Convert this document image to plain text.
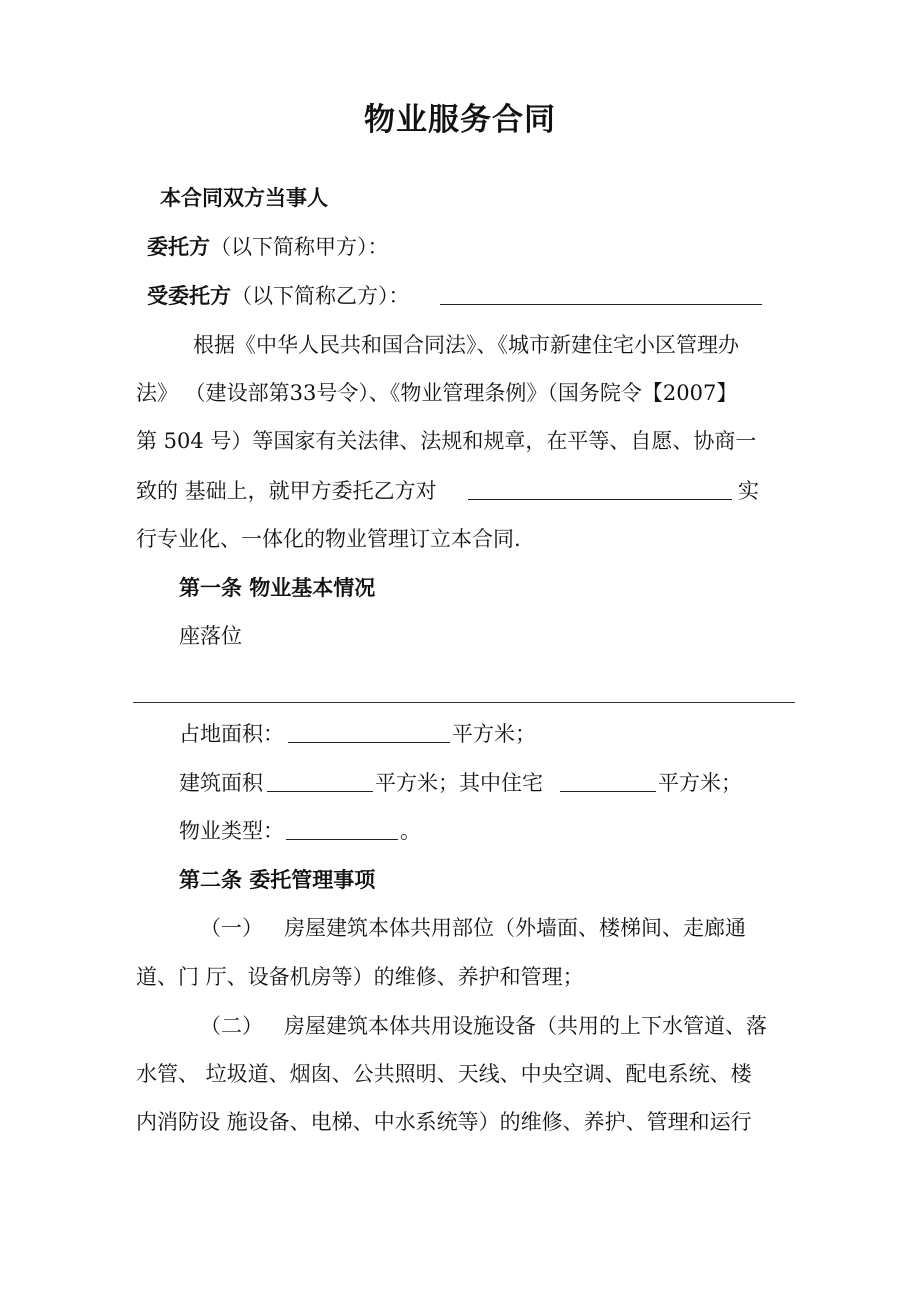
物业服务合同
本合同双方当事人
委托方（以下简称甲方）：
受委托方（以下简称乙方）：
根据《中华人民共和国合同法》、《城市新建住宅小区管理办
法》 （建设部第33号令）、《物业管理条例》（国务院令【2007】
第 504 号）等国家有关法律、法规和规章，在平等、自愿、协商一
致的 基础上，就甲方委托乙方对	实
行专业化、一体化的物业管理订立本合同.
第一条 物业基本情况
座落位
占地面积：	平方米；
建筑面积	平方米；其中住宅	平方米；
物业类型：	。
第二条 委托管理事项
（一） 房屋建筑本体共用部位（外墙面、楼梯间、走廊通
道、门 厅、设备机房等）的维修、养护和管理；
（二） 房屋建筑本体共用设施设备（共用的上下水管道、落
水管、 垃圾道、烟囱、公共照明、天线、中央空调、配电系统、楼
内消防设 施设备、电梯、中水系统等）的维修、养护、管理和运行
